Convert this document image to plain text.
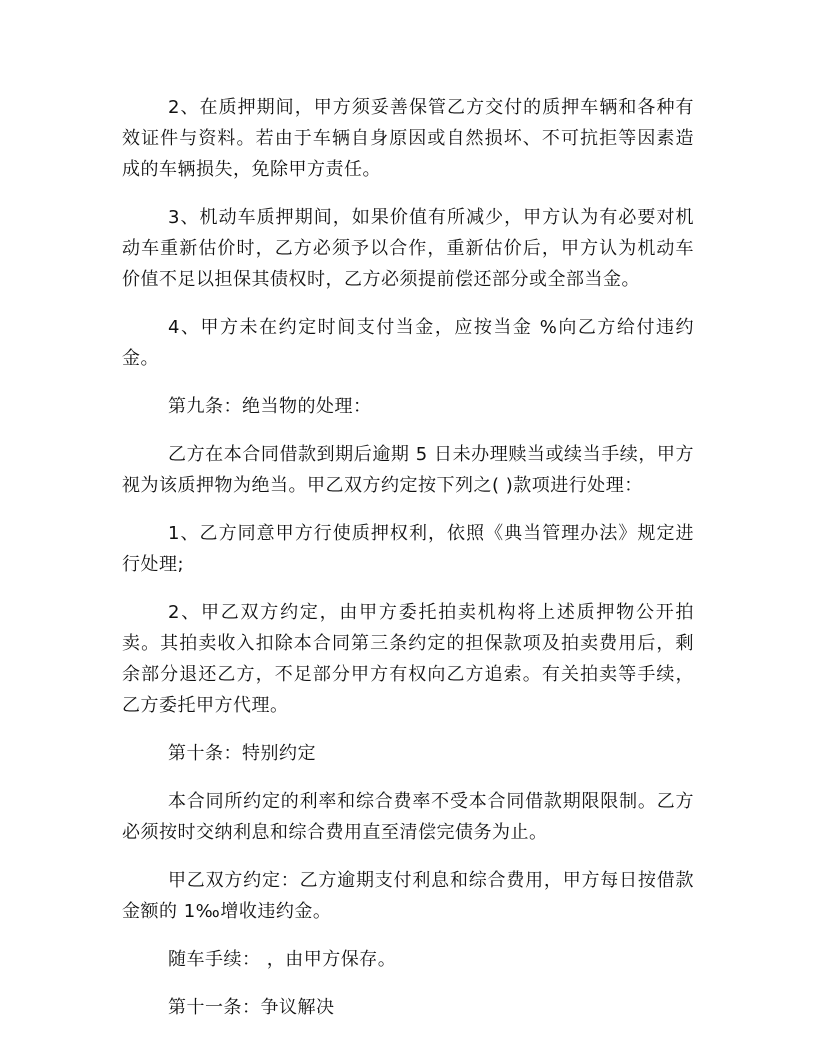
2、在质押期间，甲方须妥善保管乙方交付的质押车辆和各种有效证件与资料。若由于车辆自身原因或自然损坏、不可抗拒等因素造成的车辆损失，免除甲方责任。

3、机动车质押期间，如果价值有所减少，甲方认为有必要对机动车重新估价时，乙方必须予以合作，重新估价后，甲方认为机动车价值不足以担保其债权时，乙方必须提前偿还部分或全部当金。

4、甲方未在约定时间支付当金，应按当金 %向乙方给付违约金。

第九条：绝当物的处理：

乙方在本合同借款到期后逾期 5 日未办理赎当或续当手续，甲方视为该质押物为绝当。甲乙双方约定按下列之( )款项进行处理：

1、乙方同意甲方行使质押权利，依照《典当管理办法》规定进行处理;

2、甲乙双方约定，由甲方委托拍卖机构将上述质押物公开拍卖。其拍卖收入扣除本合同第三条约定的担保款项及拍卖费用后，剩余部分退还乙方，不足部分甲方有权向乙方追索。有关拍卖等手续，乙方委托甲方代理。

第十条：特别约定

本合同所约定的利率和综合费率不受本合同借款期限限制。乙方必须按时交纳利息和综合费用直至清偿完债务为止。

甲乙双方约定：乙方逾期支付利息和综合费用，甲方每日按借款金额的 1‰增收违约金。

随车手续： ，由甲方保存。

第十一条：争议解决
